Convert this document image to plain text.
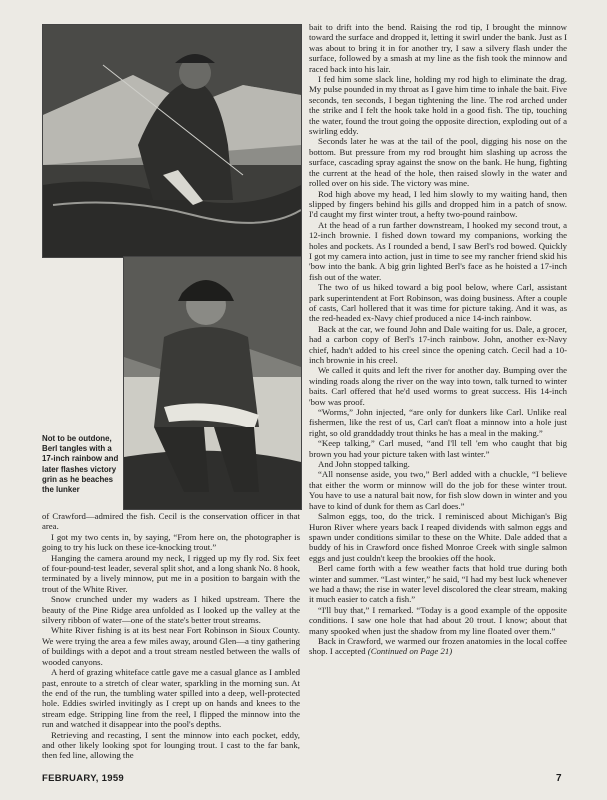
Not to be outdone, Berl tangles with a 17-inch rainbow and later flashes victory grin as he beaches the lunker

of Crawford—admired the fish. Cecil is the conservation officer in that area.

I got my two cents in, by saying, “From here on, the photographer is going to try his luck on these ice-knocking trout.”

Hanging the camera around my neck, I rigged up my fly rod. Six feet of four-pound-test leader, several split shot, and a long shank No. 8 hook, terminated by a lively minnow, put me in a position to bargain with the trout of the White River.

Snow crunched under my waders as I hiked upstream. There the beauty of the Pine Ridge area unfolded as I looked up the valley at the silvery ribbon of water—one of the state's better trout streams.

White River fishing is at its best near Fort Robinson in Sioux County. We were trying the area a few miles away, around Glen—a tiny gathering of buildings with a depot and a trout stream nestled between the walls of wooded canyons.

A herd of grazing whiteface cattle gave me a casual glance as I ambled past, enroute to a stretch of clear water, sparkling in the morning sun. At the end of the run, the tumbling water spilled into a deep, well-protected hole. Eddies swirled invitingly as I crept up on hands and knees to the stream edge. Stripping line from the reel, I flipped the minnow into the run and watched it disappear into the pool's depths.

Retrieving and recasting, I sent the minnow into each pocket, eddy, and other likely looking spot for lounging trout. I cast to the far bank, then fed line, allowing the

bait to drift into the bend. Raising the rod tip, I brought the minnow toward the surface and dropped it, letting it swirl under the bank. Just as I was about to bring it in for another try, I saw a silvery flash under the surface, followed by a smash at my line as the fish took the minnow and raced back into his lair.

I fed him some slack line, holding my rod high to eliminate the drag. My pulse pounded in my throat as I gave him time to inhale the bait. Five seconds, ten seconds, I began tightening the line. The rod arched under the strike and I felt the hook take hold in a good fish. The tip, touching the water, found the trout going the opposite direction, exploding out of a swirling eddy.

Seconds later he was at the tail of the pool, digging his nose on the bottom. But pressure from my rod brought him slashing up across the surface, cascading spray against the snow on the bank. He hung, fighting the current at the head of the hole, then raised slowly in the water and rolled over on his side. The victory was mine.

Rod high above my head, I led him slowly to my waiting hand, then slipped by fingers behind his gills and dropped him in a patch of snow. I'd caught my first winter trout, a hefty two-pound rainbow.

At the head of a run farther downstream, I hooked my second trout, a 12-inch brownie. I fished down toward my companions, working the holes and pockets. As I rounded a bend, I saw Berl's rod bowed. Quickly I got my camera into action, just in time to see my rancher friend skid his 'bow into the bank. A big grin lighted Berl's face as he hoisted a 17-inch fish out of the water.

The two of us hiked toward a big pool below, where Carl, assistant park superintendent at Fort Robinson, was doing business. After a couple of casts, Carl hollered that it was time for picture taking. And it was, as the red-headed ex-Navy chief produced a nice 14-inch rainbow.

Back at the car, we found John and Dale waiting for us. Dale, a grocer, had a carbon copy of Berl's 17-inch rainbow. John, another ex-Navy chief, hadn't added to his creel since the opening catch. Cecil had a 10-inch brownie in his creel.

We called it quits and left the river for another day. Bumping over the winding roads along the river on the way into town, talk turned to winter baits. Carl offered that he'd used worms to great success. His 14-inch 'bow was proof.

“Worms,” John injected, “are only for dunkers like Carl. Unlike real fishermen, like the rest of us, Carl can't float a minnow into a hole just right, so old granddaddy trout thinks he has a meal in the making.”

“Keep talking,” Carl mused, “and I'll tell 'em who caught that big brown you had your picture taken with last winter.”

And John stopped talking.

“All nonsense aside, you two,” Berl added with a chuckle, “I believe that either the worm or minnow will do the job for these winter trout. You have to use a natural bait now, for fish slow down in winter and you have to kind of dunk for them as Carl does.”

Salmon eggs, too, do the trick. I reminisced about Michigan's Big Huron River where years back I reaped dividends with salmon eggs and spawn under conditions similar to these on the White. Dale added that a buddy of his in Crawford once fished Monroe Creek with single salmon eggs and just couldn't keep the brookies off the hook.

Berl came forth with a few weather facts that hold true during both winter and summer. “Last winter,” he said, “I had my best luck whenever we had a thaw; the rise in water level discolored the clear stream, making it much easier to catch a fish.”

“I'll buy that,” I remarked. “Today is a good example of the opposite conditions. I saw one hole that had about 20 trout. I know; about that many spooked when just the shadow from my line floated over them.”

Back in Crawford, we warmed our frozen anatomies in the local coffee shop. I accepted (Continued on Page 21)

FEBRUARY, 1959	7
